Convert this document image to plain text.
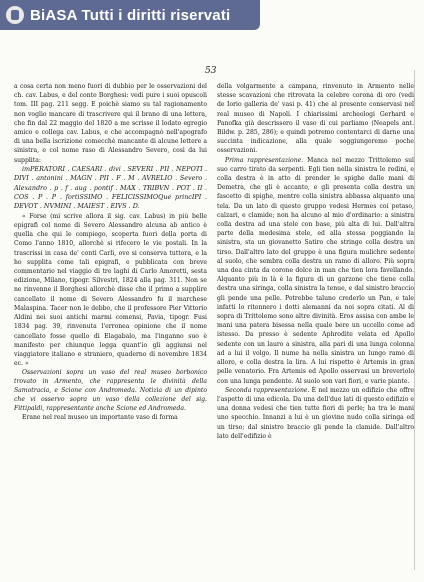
BiASA Tutti i diritti riservati
53

a cosa certa non meno fuori di dubbio per le osservazioni del ch. cav. Labus, e del conte Borghesi: vedi pure i suoi opuscoli tom. III pag. 211 segg. E poichè siamo su tal ragionamento non voglio mancare di trascrivere qui il brano di una lettera, che fin dal 22 maggio del 1820 a me scrisse il lodato egregio amico e collega cav. Labus, e che accompagnò nell'apografo di una bella iscrizione comecchè mancante di alcune lettere a sinistra, e col nome raso di Alessandro Severo, così da lui supplita:

imPERATORI . CAESARI . divi . SEVERI . PII . NEPOTI . DIVI . antonini . MAGN . PII . F . M . AVRELIO . Severo . Alexandro . p . f . aug . pontif . MAX . TRIBVN . POT . II . COS . P . P . fortiSSIMO . FELICISSIMOQue princIPI . DEVOT . NVMINI . MAIEST . EIVS . D.

« Forse (mi scrive allora il sig. cav. Labus) in più belle epigrafi col nome di Severo Alessandro alcuna ab antico è quella che qui le compiego, scoperta fuori della porta di Como l'anno 1810, allorchè si rifecero le vie postali. In la trascrissi in casa de' conti Carli, ove si conserva tuttora, e la ho supplita come tali epigrafi, e pubblicata con breve commentario nel viaggio di tre laghi di Carlo Amoretti, sesta edizione, Milano, tipogr. Silvestri, 1824 alla pag. 311. Non se ne rinvenne il Borghesi allorchè disse che il primo a supplire cancellato il nome di Severo Alessandro fu il marchese Malaspina. Tacer non le debbo, che il professore Pier Vittorio Aldini nei suoi antichi marmi comensi, Pavia, tipogr. Fusi 1834 pag. 39, rinvenuta l'erronea opinione che il nome cancellato fosse quello di Elagabalo, ma l'inganno suo è manifesto per chiunque legga quant'io gli aggiunsi nel viaggiatore italiano e straniero, quaderno di novembre 1834 ec. »

Osservazioni sopra un vaso del real museo borbonico trovato in Armento, che rappresenta le divinità della Samotracia, e Scione con Andromeda. Notizia di un dipinto che vi osservo sopra un vaso della collezione del sig. Fittipaldi, rappresentante anche Scione ed Andromeda.

Erane nel real museo un importante vaso di forma

della volgarmente a campana, rinvenuto in Armento nelle stesse scavazioni che ritrovata la celebre corona di oro (vedi de Iorio galleria de' vasi p. 41) che al presente conservasi nel real museo di Napoli. I chiarissimi archeologi Gerhard e Panofka già descrissero il vaso di cui parliamo (Neapels ant. Bildw. p. 285, 286); e quindi potremo contentarci di darne una succinta indicazione, alla quale soggiungeremo poche osservazioni.

Prima rappresentazione. Manca nel mezzo Trittolemo sul suo carro tirato da serpenti. Egli tien nella sinistra le redini, e colla destra è in atto di prender le spighe dalle mani di Demetra, che gli è accanto, e gli presenta colla destra un fascetto di spighe, mentre colla sinistra abbassa alquanto una tela. Da un lato di questo gruppo vedesi Hermes coi petaso, calzari, e clamide; non ha alcuno al mio d'ordinario: a sinistra colla destra ad una stele con base, più alta di lui. Dall'altra parte della medesima stele, ed alla stessa poggiando la sinistra, sta un giovanetto Satiro che stringe colla destra un tirso. Dall'altro lato del gruppo è una figura mulichre sedente al suolo, che sembra colla destra un ramo di alloro. Più sopra una dea cinta da corone dolce in man che tien lora favellando. Alquanto più in là è la figura di un garzone che tiene colla destra una siringa, colla sinistra la tenue, e dal sinistro braccio gli pende una pelle. Potrebbe taluno crederlo un Pan, e tale infatti lo ritennero i dotti alemanni da noi sopra citati. Al di sopra di Trittolemo sono altre divinità. Eros assisa con ambe le mani una patera bisessa nella quale bere un uccello come ad istesso. Da presso è sedente Aphrodite velata ed Apollo sedente con un lauro a sinistra, alla pari di una lunga colonna ad a lui il volgo. Il nume ha nella sinistra un lungo ramo di alloro, e colla destra la lira. A lui rispetto è Artemis in gran pelle venatorio. Fra Artemis ed Apollo osservasi un breveriolo con una lunga pendente. Al suolo son vari fiori, e varie piante.

Seconda rappresentazione. È nel mezzo un edifizio che offre l'aspetto di una edicola. Da una dell'due lati di questo edifizio e una donna vedesi che tien tutte fiori di perle; ha tra le mani uno specchio. Innanzi a lui è un giovine nudo colla siringa ed un tirso; dal sinistro braccio gli pende la clamide. Dall'altro lato dell'edifizio è
